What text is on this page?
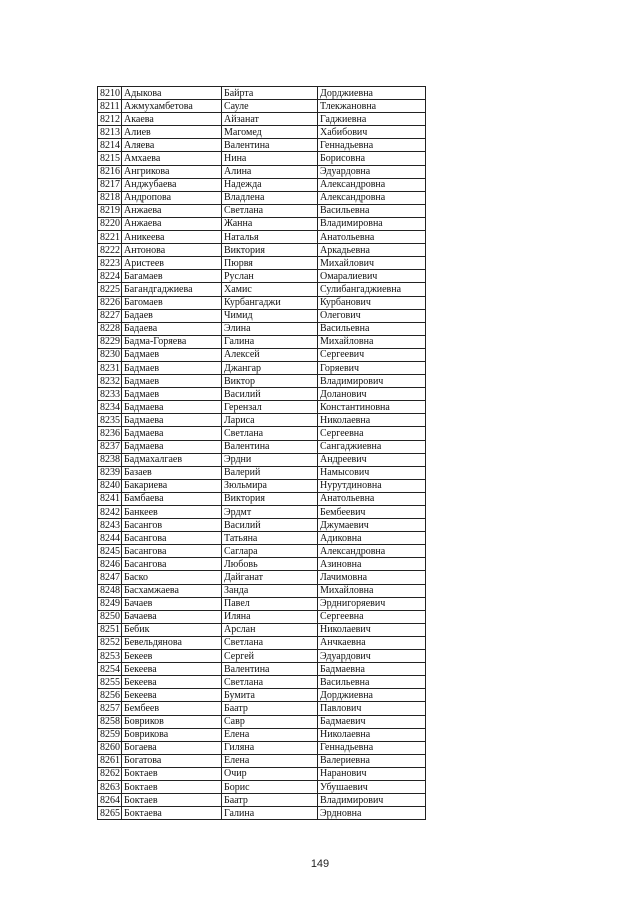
8210	Адыкова	Байрта	Дорджиевна
8211	Ажмухамбетова	Сауле	Тлекжановна
8212	Акаева	Айзанат	Гаджиевна
8213	Алиев	Магомед	Хабибович
8214	Аляева	Валентина	Геннадьевна
8215	Амхаева	Нина	Борисовна
8216	Ангрикова	Алина	Эдуардовна
8217	Анджубаева	Надежда	Александровна
8218	Андропова	Владлена	Александровна
8219	Анжаева	Светлана	Васильевна
8220	Анжаева	Жанна	Владимировна
8221	Аникеева	Наталья	Анатольевна
8222	Антонова	Виктория	Аркадьевна
8223	Аристеев	Пюрвя	Михайлович
8224	Багамаев	Руслан	Омаралиевич
8225	Багандгаджиева	Хамис	Сулибангаджиевна
8226	Багомаев	Курбангаджи	Курбанович
8227	Бадаев	Чимид	Олегович
8228	Бадаева	Элина	Васильевна
8229	Бадма-Горяева	Галина	Михайловна
8230	Бадмаев	Алексей	Сергеевич
8231	Бадмаев	Джангар	Горяевич
8232	Бадмаев	Виктор	Владимирович
8233	Бадмаев	Василий	Доланович
8234	Бадмаева	Герензал	Константиновна
8235	Бадмаева	Лариса	Николаевна
8236	Бадмаева	Светлана	Сергеевна
8237	Бадмаева	Валентина	Сангаджиевна
8238	Бадмахалгаев	Эрдни	Андреевич
8239	Базаев	Валерий	Намысович
8240	Бакариева	Зюльмира	Нурутдиновна
8241	Бамбаева	Виктория	Анатольевна
8242	Банкеев	Эрдмт	Бембеевич
8243	Басангов	Василий	Джумаевич
8244	Басангова	Татьяна	Адиковна
8245	Басангова	Саглара	Александровна
8246	Басангова	Любовь	Азиновна
8247	Баско	Дайганат	Лачимовна
8248	Басхамжаева	Занда	Михайловна
8249	Бачаев	Павел	Эрднигоряевич
8250	Бачаева	Иляна	Сергеевна
8251	Бебик	Арслан	Николаевич
8252	Бевельдянова	Светлана	Анчкаевна
8253	Бекеев	Сергей	Эдуардович
8254	Бекеева	Валентина	Бадмаевна
8255	Бекеева	Светлана	Васильевна
8256	Бекеева	Бумита	Дорджиевна
8257	Бембеев	Баатр	Павлович
8258	Бовриков	Савр	Бадмаевич
8259	Боврикова	Елена	Николаевна
8260	Богаева	Гиляна	Геннадьевна
8261	Богатова	Елена	Валериевна
8262	Боктаев	Очир	Наранович
8263	Боктаев	Борис	Убушаевич
8264	Боктаев	Баатр	Владимирович
8265	Боктаева	Галина	Эрдновна
149
